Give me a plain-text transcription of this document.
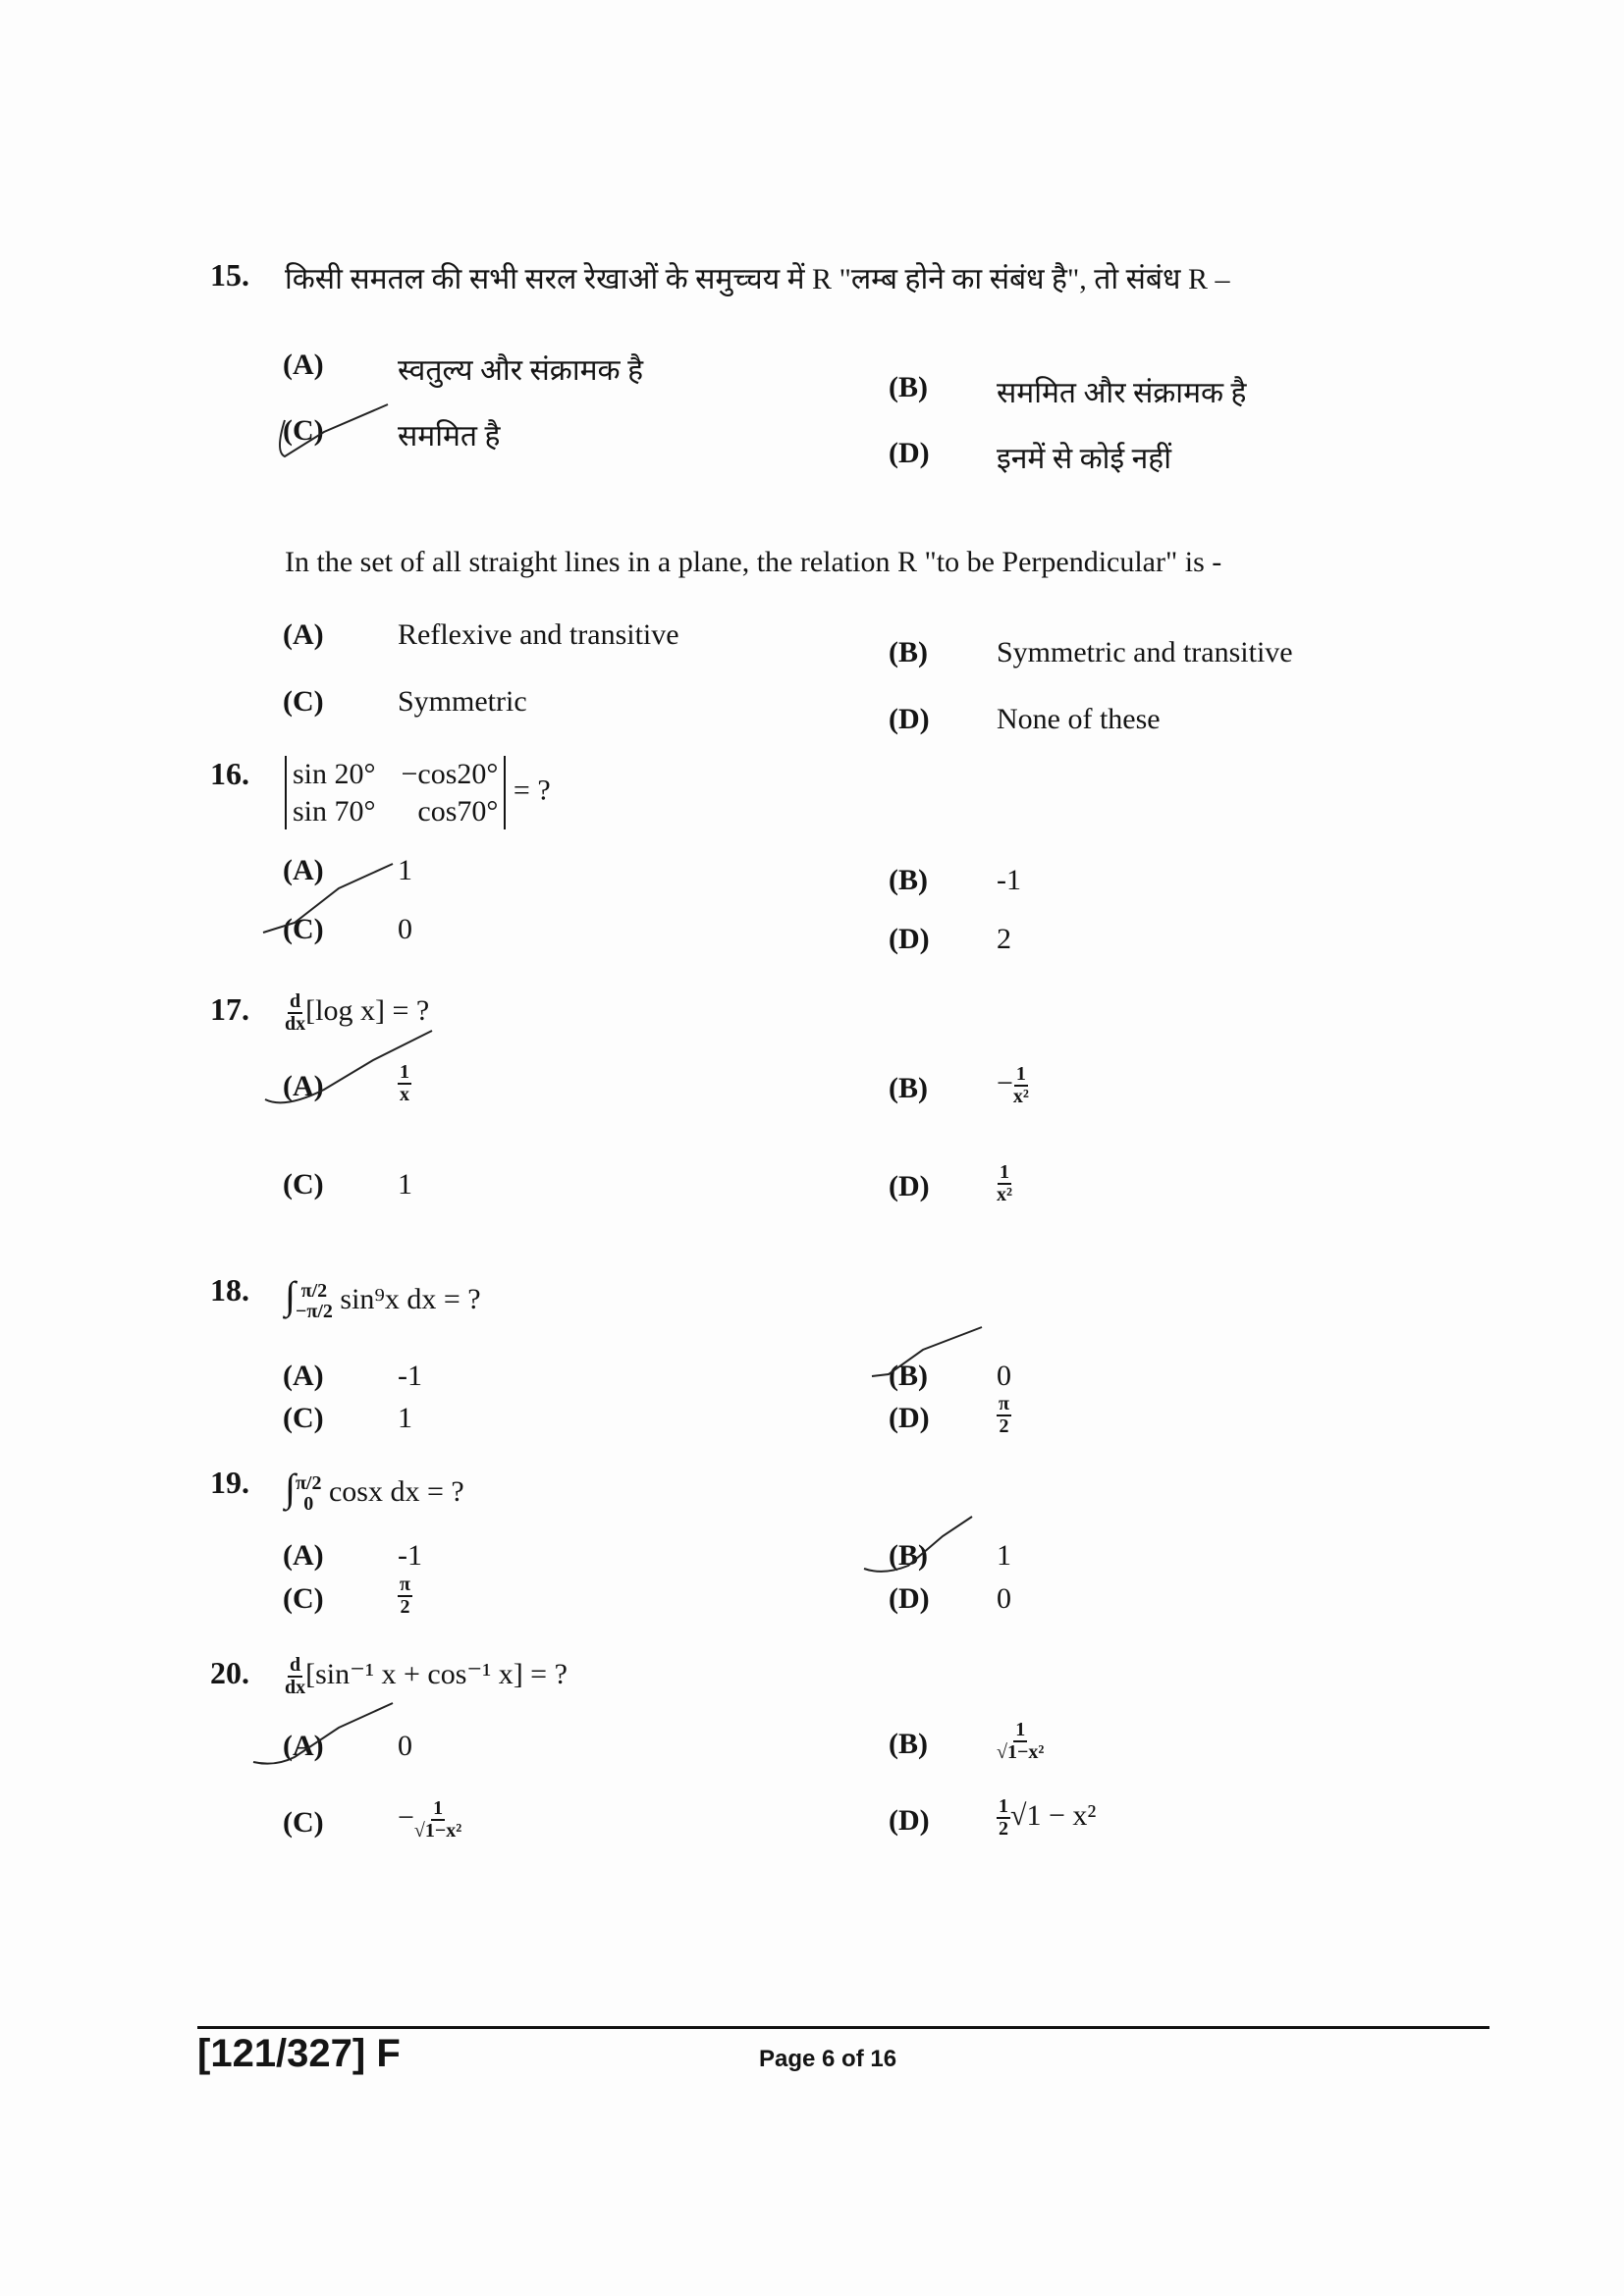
15. किसी समतल की सभी सरल रेखाओं के समुच्चय में R "लम्ब होने का संबंध है", तो संबंध R –
(A)	स्वतुल्य और संक्रामक है
(B) सममित और संक्रामक है
(C)	सममित है
(D) इनमें से कोई नहीं
In the set of all straight lines in a plane, the relation R "to be Perpendicular" is -
(A)	Reflexive and transitive
(B) Symmetric and transitive
(C)	Symmetric
(D) None of these
16. sin 20° −cos20°
sin 70° cos70°
= ?
(A)	1	(B) -1
(C)	0	(D) 2
17. $\frac{d}{dx} [\log$ x] = ?
(A)	$\frac{1}{x}$	$(B) - \frac{1}{\text{x²}}$
(C)	1	(D)	$\frac{1}{\text{x²}}$
18. ∫ π/2
−π/2 sin⁹x dx = ?
(A)	-1	(B) 0
(C)	1	(D)	$\frac{\pi}{2}$
19. ∫ π/2
0 cosx dx = ?
(A)	-1	(B) 1
(C)	$\frac{\pi}{2}$	(D) 0
20. $\frac{d}{dx} [\sin^{-1}$ x + cos⁻¹ x] = ?
(A)	0	(B)	$\frac{1}{\text{√1−x²}}$
(C)	− $\frac{1}{\text{√1−x²}}$	(D)	$\frac{1}{2} √1 - x^2$
[121/327] F	Page 6 of 16
